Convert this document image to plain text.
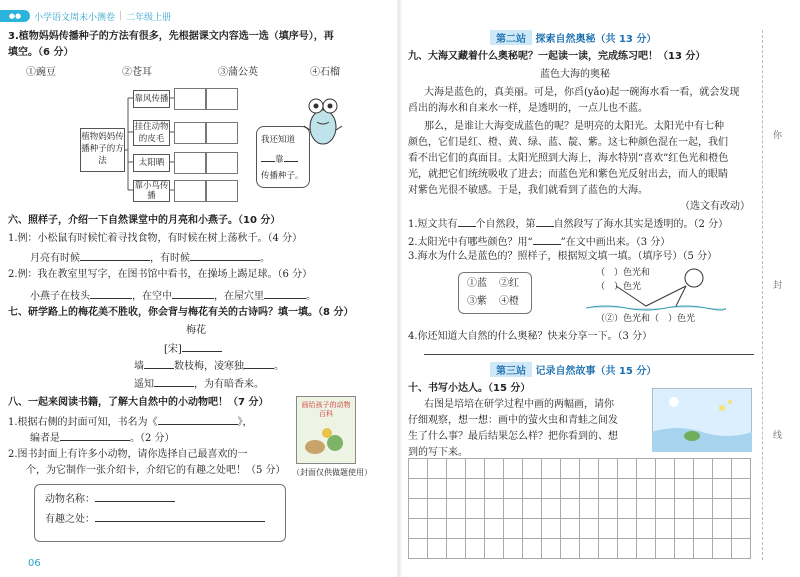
●●	小学语文周末小测卷 | 二年级上册
3.植物妈妈传播种子的方法有很多，先根据课文内容选一选（填序号），再
填空。（6 分）
①豌豆	②苍耳	③蒲公英	④石榴
植物妈妈传播种子的方法
靠风传播
挂住动物的皮毛
太阳晒
靠小鸟传播
我还知道
靠
传播种子。
六、照样子，介绍一下自然课堂中的月亮和小燕子。（10 分）
1.例：小松鼠有时候忙着寻找食物，有时候在树上荡秋千。（4 分）
月亮有时候	，有时候	。
2.例：我在教室里写字，在图书馆中看书，在操场上踢足球。（6 分）
小燕子在枝头	，在空中	，在屋穴里	。
七、研学路上的梅花美不胜收，你会背与梅花有关的古诗吗？填一填。（8 分）
梅花
[宋]
墙	数枝梅，凌寒独	。
遥知	，为有暗香来。
八、一起来阅读书籍，了解大自然中的小动物吧！（7 分）
1.根据右侧的封面可知，书名为《	》，
编者是	。（2 分）
2.图书封面上有许多小动物，请你选择自己最喜欢的一
个，为它制作一张介绍卡，介绍它的有趣之处吧！（5 分）
画给孩子的动物百科
（封面仅供做题使用）
动物名称：
有趣之处：
06
第二站 探索自然奥秘（共 13 分）
九、大海又藏着什么奥秘呢？一起读一读，完成练习吧！（13 分）
蓝色大海的奥秘
大海是蓝色的，真美丽。可是，你舀(yǎo)起一碗海水看一看，就会发现
舀出的海水和自来水一样，是透明的，一点儿也不蓝。
那么，是谁让大海变成蓝色的呢？是明亮的太阳光。太阳光中有七种
颜色，它们是红、橙、黄、绿、蓝、靛、紫。这七种颜色混在一起，我们
看不出它们的真面目。太阳光照到大海上，海水特别“喜欢”红色光和橙色
光，就把它们统统吸收了进去；而蓝色光和紫色光反射出去，而人的眼睛
对紫色光很不敏感。于是，我们就看到了蓝色的大海。
（选文有改动）
1.短文共有 个自然段，第 自然段写了海水其实是透明的。（2 分）
2.太阳光中有哪些颜色？用“	”在文中画出来。（3 分）
3.海水为什么是蓝色的？照样子，根据短文填一填。（填序号）（5 分）
①蓝 ②红
③紫 ④橙
（　）色光和
（　）色光
（②）色光和（　）色光
4.你还知道大自然的什么奥秘？快来分享一下。（3 分）
第三站 记录自然故事（共 15 分）
十、书写小达人。（15 分）
右图是培培在研学过程中画的两幅画，请你
仔细观察，想一想：画中的萤火虫和青蛙之间发
生了什么事？最后结果怎么样？把你看到的、想
到的写下来。

你
封
线
